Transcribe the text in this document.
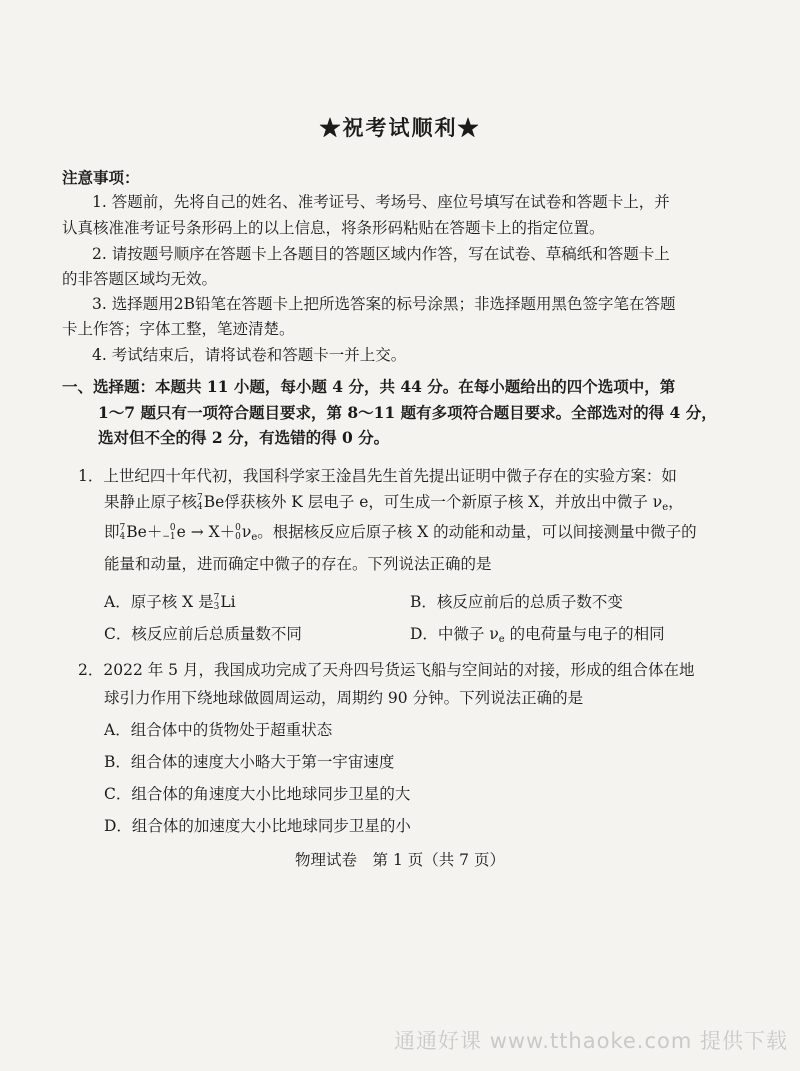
★祝考试顺利★
注意事项：
1. 答题前，先将自己的姓名、准考证号、考场号、座位号填写在试卷和答题卡上，并
认真核准准考证号条形码上的以上信息，将条形码粘贴在答题卡上的指定位置。
2. 请按题号顺序在答题卡上各题目的答题区域内作答，写在试卷、草稿纸和答题卡上
的非答题区域均无效。
3. 选择题用2B铅笔在答题卡上把所选答案的标号涂黑；非选择题用黑色签字笔在答题
卡上作答；字体工整，笔迹清楚。
4. 考试结束后，请将试卷和答题卡一并上交。
一、选择题：本题共 11 小题，每小题 4 分，共 44 分。在每小题给出的四个选项中，第
1～7 题只有一项符合题目要求，第 8～11 题有多项符合题目要求。全部选对的得 4 分，
选对但不全的得 2 分，有选错的得 0 分。
1．上世纪四十年代初，我国科学家王淦昌先生首先提出证明中微子存在的实验方案：如
果静止原子核 7
4 Be俘获核外 K 层电子 e，可生成一个新原子核 X，并放出中微子 $\nu_e$，
即 7
4 Be＋ 0
−1 e → X＋ 0
0 $\nu_e$。根据核反应后原子核 X 的动能和动量，可以间接测量中微子的
能量和动量，进而确定中微子的存在。下列说法正确的是
A．原子核 X 是 7
3 Li	B．核反应前后的总质子数不变
C．核反应前后总质量数不同	D．中微子 $\nu_e$ 的电荷量与电子的相同
2．2022 年 5 月，我国成功完成了天舟四号货运飞船与空间站的对接，形成的组合体在地
球引力作用下绕地球做圆周运动，周期约 90 分钟。下列说法正确的是
A．组合体中的货物处于超重状态
B．组合体的速度大小略大于第一宇宙速度
C．组合体的角速度大小比地球同步卫星的大
D．组合体的加速度大小比地球同步卫星的小
物理试卷　第 1 页（共 7 页）
通通好课 www.tthaoke.com 提供下载
